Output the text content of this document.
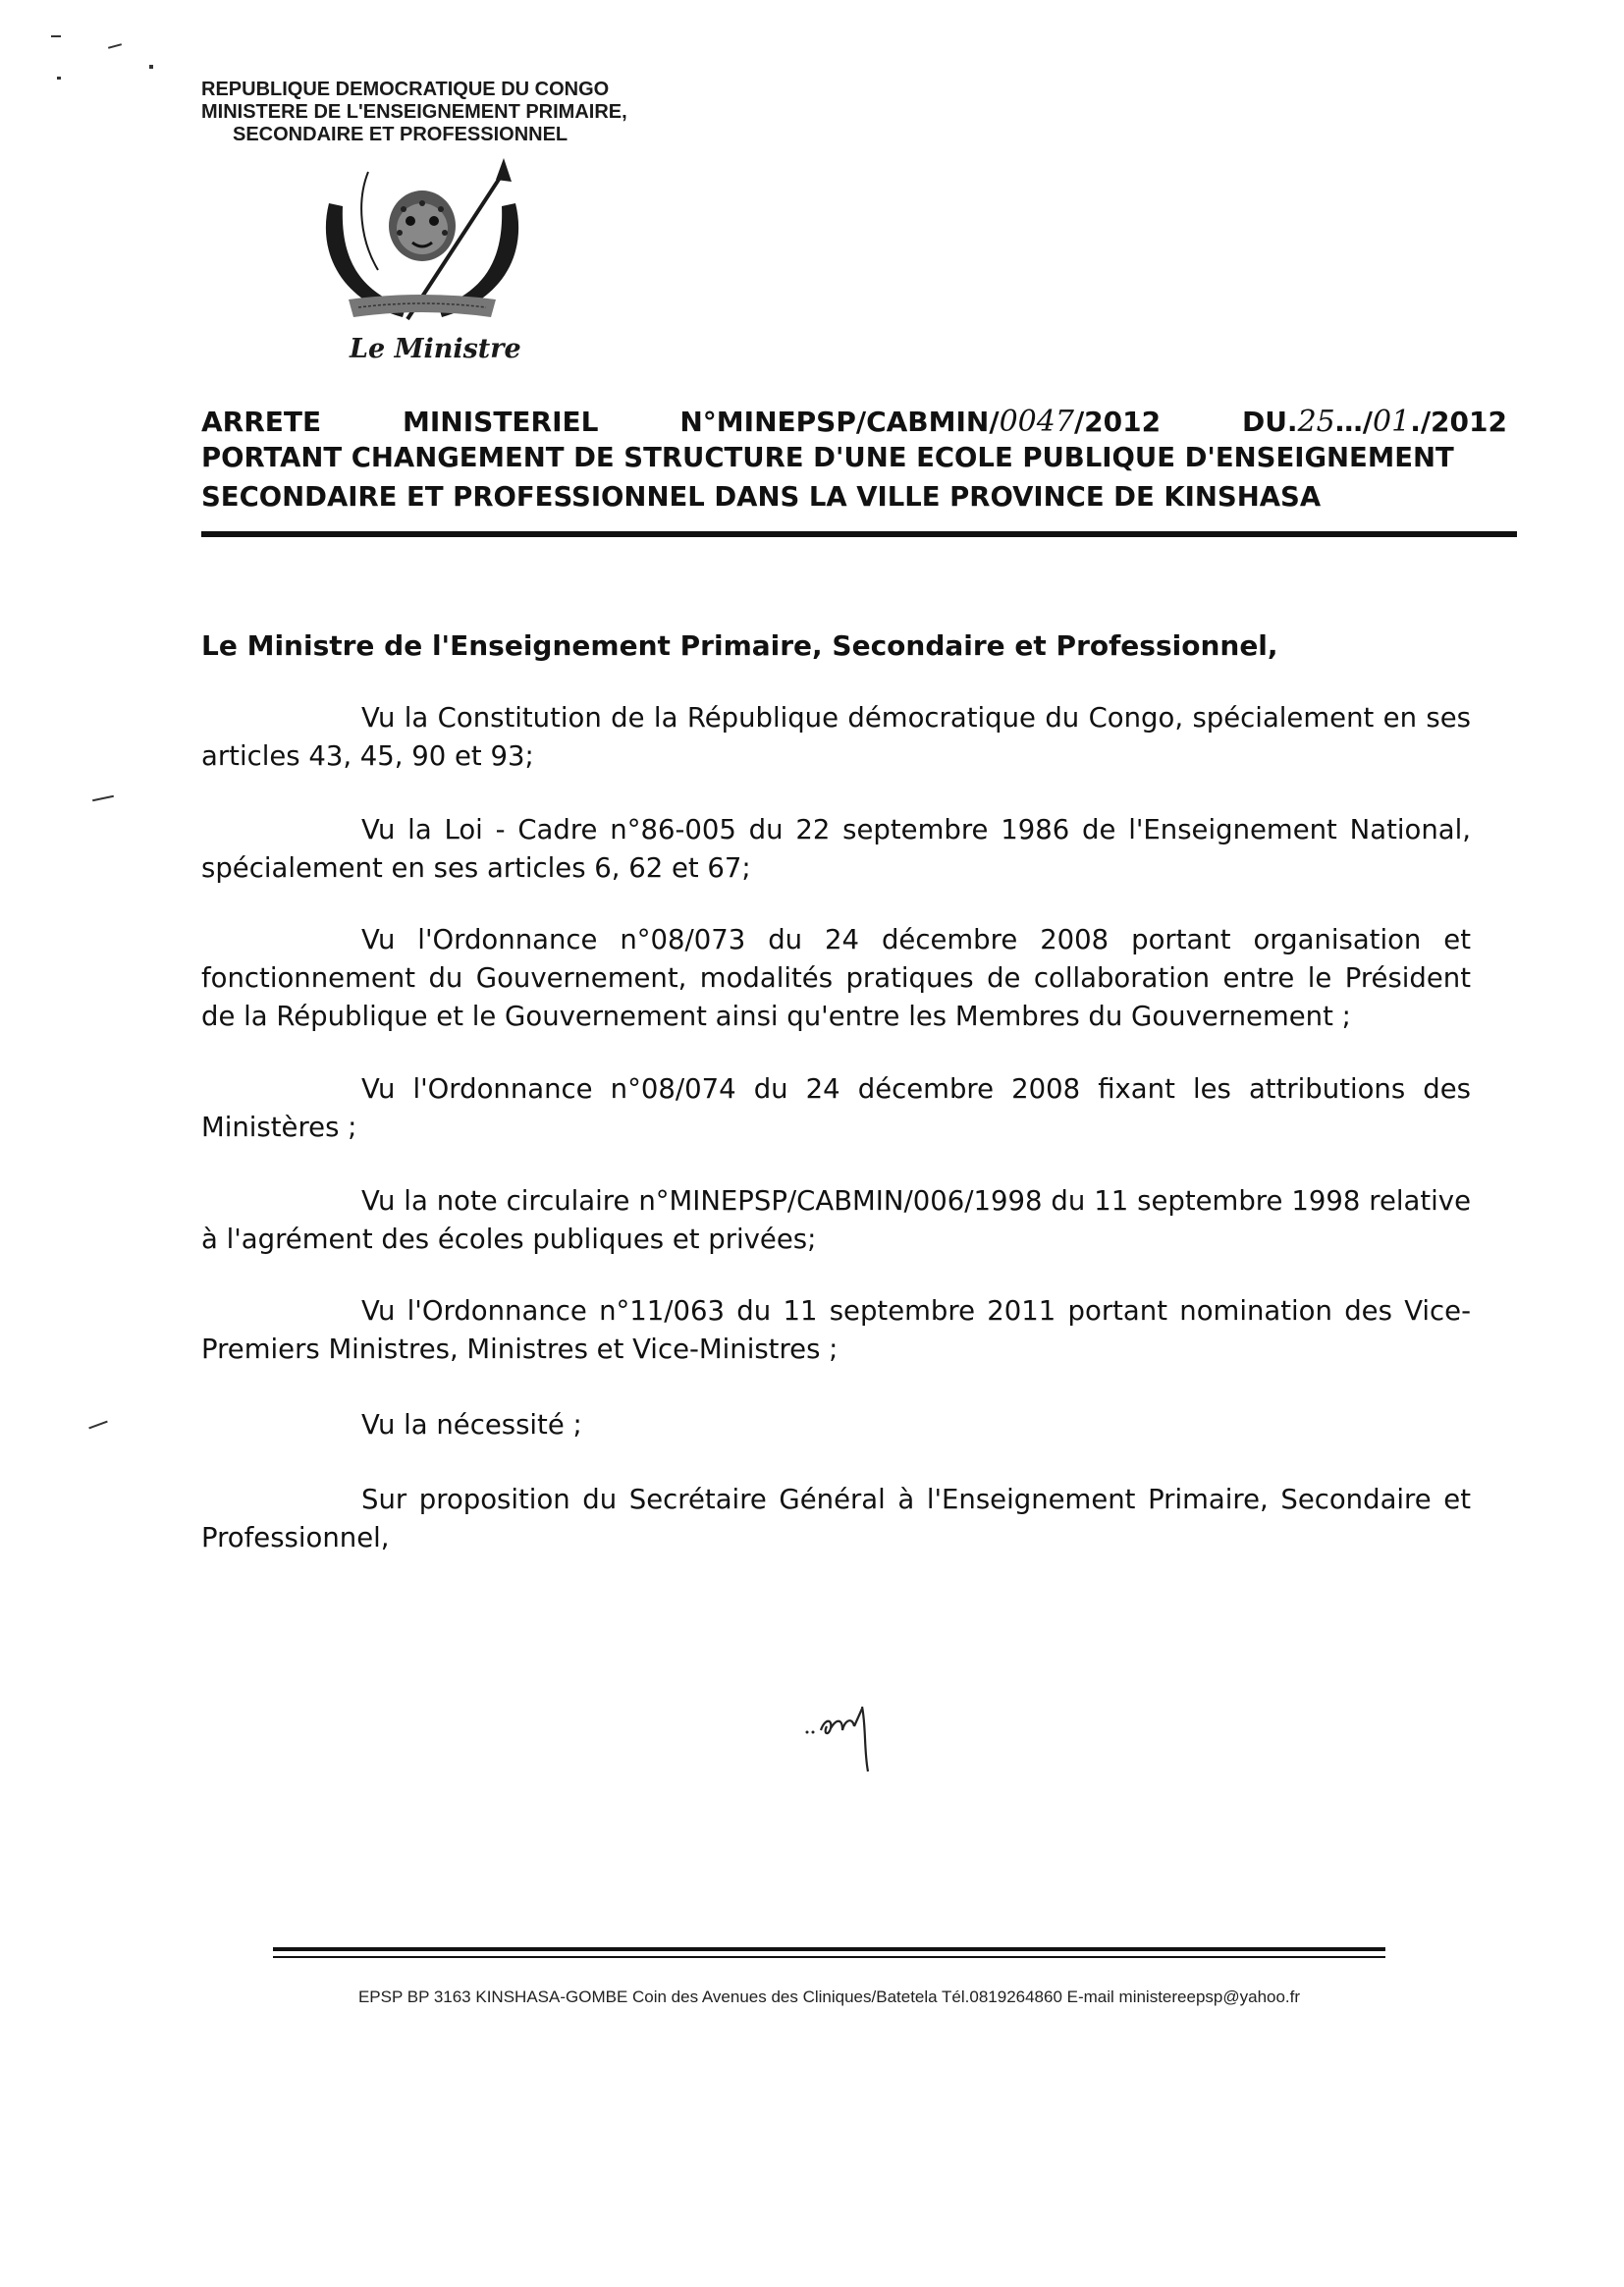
REPUBLIQUE DEMOCRATIQUE DU CONGO
MINISTERE DE L'ENSEIGNEMENT PRIMAIRE,
SECONDAIRE ET PROFESSIONNEL
Le Ministre
ARRETE	MINISTERIEL	N°MINEPSP/CABMIN/0047/2012	DU.25…/01./2012
PORTANT CHANGEMENT DE STRUCTURE D'UNE ECOLE PUBLIQUE D'ENSEIGNEMENT
SECONDAIRE ET PROFESSIONNEL DANS LA VILLE PROVINCE DE KINSHASA
Le Ministre de l'Enseignement Primaire, Secondaire et Professionnel,

Vu la Constitution de la République démocratique du Congo, spécialement en ses articles 43, 45, 90 et 93;

Vu la Loi - Cadre n°86-005 du 22 septembre 1986 de l'Enseignement National, spécialement en ses articles 6, 62 et 67;

Vu l'Ordonnance n°08/073 du 24 décembre 2008 portant organisation et fonctionnement du Gouvernement, modalités pratiques de collaboration entre le Président de la République et le Gouvernement ainsi qu'entre les Membres du Gouvernement ;

Vu l'Ordonnance n°08/074 du 24 décembre 2008 fixant les attributions des Ministères ;

Vu la note circulaire n°MINEPSP/CABMIN/006/1998 du 11 septembre 1998 relative à l'agrément des écoles publiques et privées;

Vu l'Ordonnance n°11/063 du 11 septembre 2011 portant nomination des Vice-Premiers Ministres, Ministres et Vice-Ministres ;

Vu la nécessité ;

Sur proposition du Secrétaire Général à l'Enseignement Primaire, Secondaire et Professionnel,

EPSP BP 3163 KINSHASA-GOMBE Coin des Avenues des Cliniques/Batetela Tél.0819264860 E-mail ministereepsp@yahoo.fr
